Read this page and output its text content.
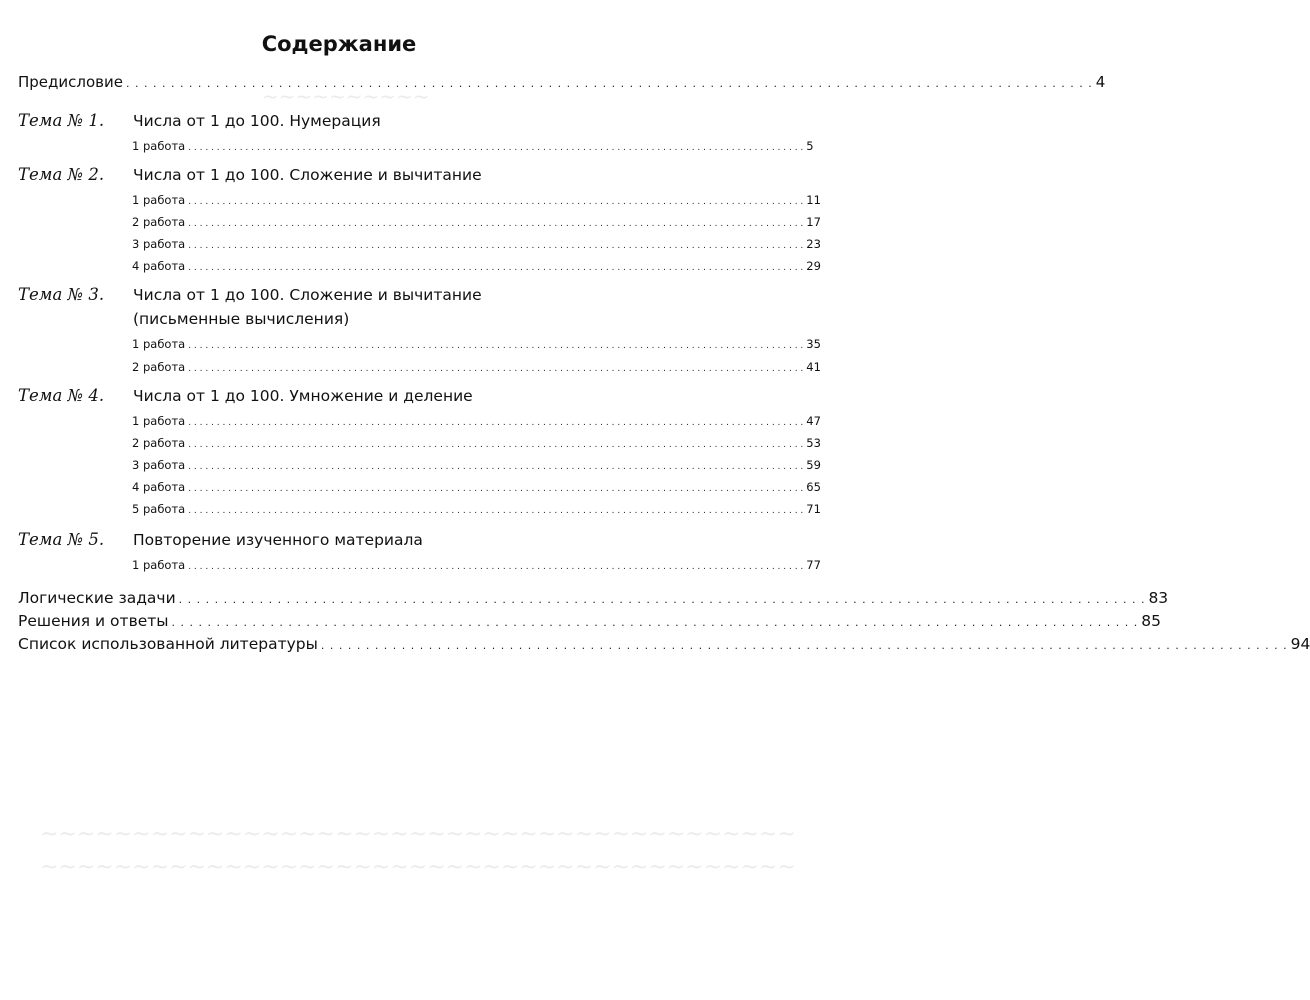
~~~~~~~~~~
~~~~~~~~~~~~~~~~~~~~~~~~~~~~~~~~~~~~~~~~~
~~~~~~~~~~~~~~~~~~~~~~~~~~~~~~~~~~~~~~~~~
Содержание
Предисловие . . .	4
Тема № 1. Числа от 1 до 100. Нумерация
1 работа . . .	5
Тема № 2. Числа от 1 до 100. Сложение и вычитание
1 работа . . .	11
2 работа . . .	17
3 работа . . .	23
4 работа . . .	29
Тема № 3. Числа от 1 до 100. Сложение и вычитание
(письменные вычисления)
1 работа . . .	35
2 работа . . .	41
Тема № 4. Числа от 1 до 100. Умножение и деление
1 работа . . .	47
2 работа . . .	53
3 работа . . .	59
4 работа . . .	65
5 работа . . .	71
Тема № 5. Повторение изученного материала
1 работа . . .	77
Логические задачи . . .	83
Решения и ответы . . .	85
Список использованной литературы . . .	94
